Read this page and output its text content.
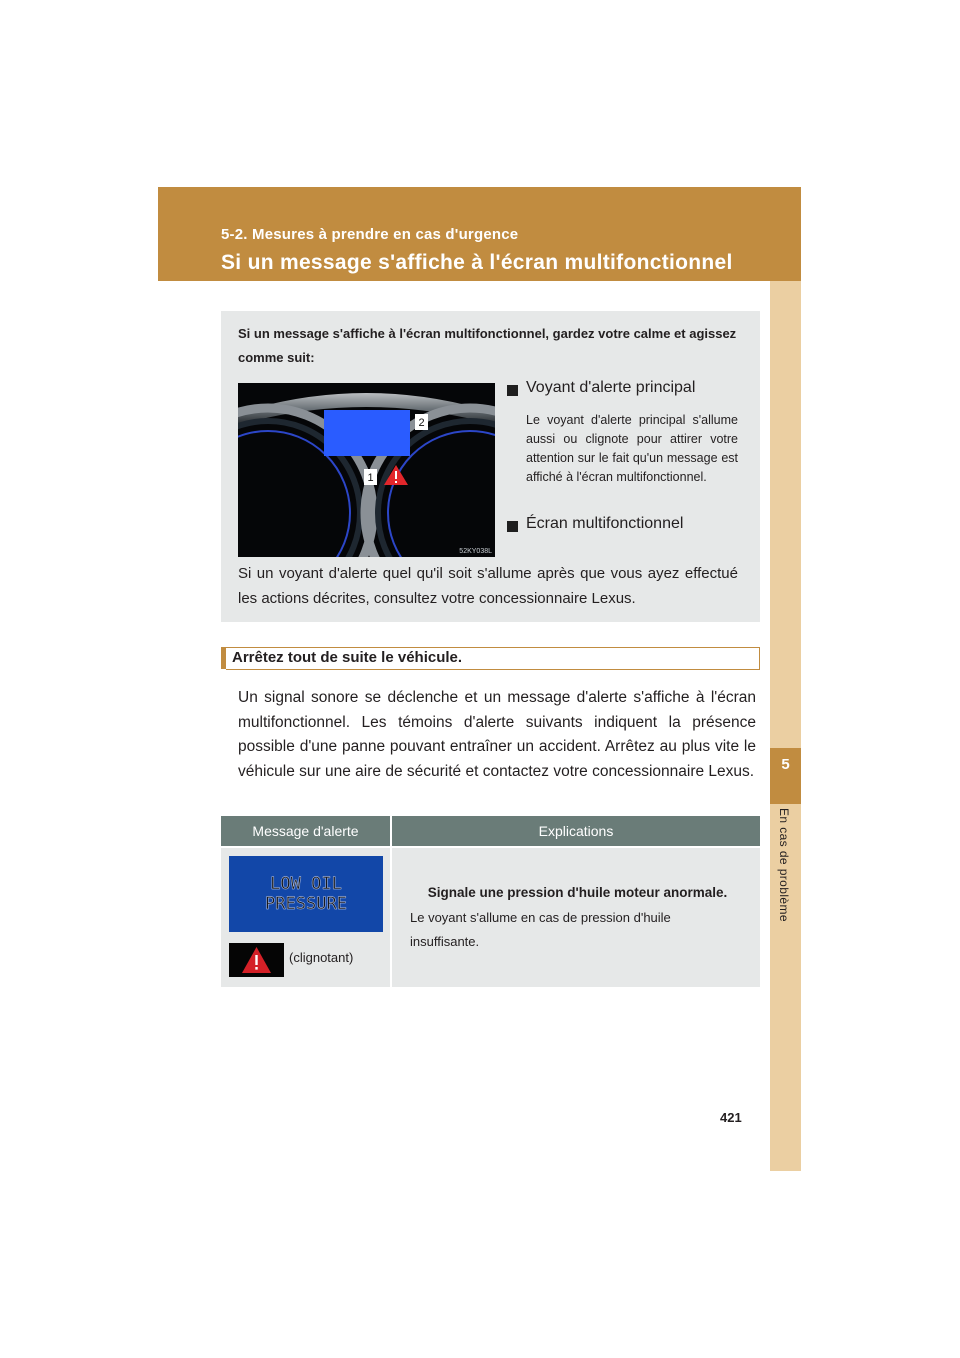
5-2. Mesures à prendre en cas d'urgence
Si un message s'affiche à l'écran multifonctionnel
5
En cas de problème
Si un message s'affiche à l'écran multifonctionnel, gardez votre calme et agissez comme suit:
2
1
52KY038L
Voyant d'alerte principal
Le voyant d'alerte principal s'allume aussi ou clignote pour attirer votre attention sur le fait qu'un message est affiché à l'écran multifonctionnel.
Écran multifonctionnel
Si un voyant d'alerte quel qu'il soit s'allume après que vous ayez effectué les actions décrites, consultez votre concessionnaire Lexus.
Arrêtez tout de suite le véhicule.
Un signal sonore se déclenche et un message d'alerte s'affiche à l'écran multifonctionnel. Les témoins d'alerte suivants indiquent la présence possible d'une panne pouvant entraîner un accident. Arrêtez au plus vite le véhicule sur une aire de sécurité et contactez votre concessionnaire Lexus.
Message d'alerte	Explications
LOW OIL
PRESSURE
(clignotant)
Signale une pression d'huile moteur anormale.
Le voyant s'allume en cas de pression d'huile insuffisante.
421
